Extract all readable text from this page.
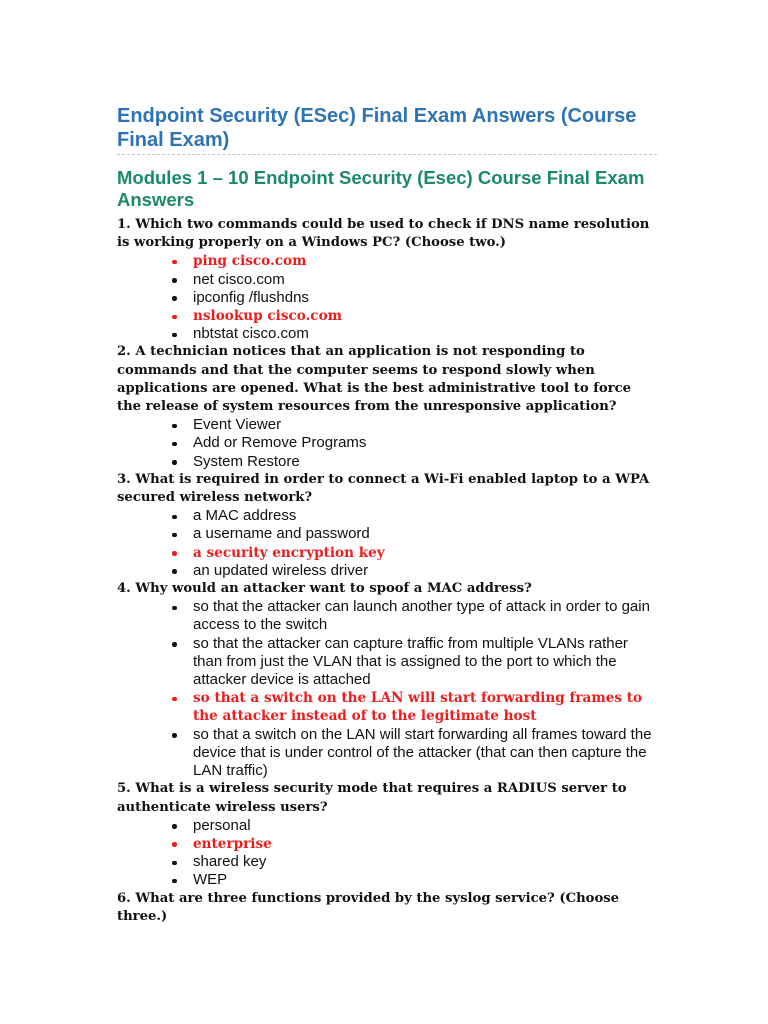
Endpoint Security (ESec) Final Exam Answers (Course Final Exam)
Modules 1 – 10 Endpoint Security (Esec) Course Final Exam Answers

1. Which two commands could be used to check if DNS name resolution is working properly on a Windows PC? (Choose two.)

ping cisco.com
net cisco.com
ipconfig /flushdns
nslookup cisco.com
nbtstat cisco.com

2. A technician notices that an application is not responding to commands and that the computer seems to respond slowly when applications are opened. What is the best administrative tool to force the release of system resources from the unresponsive application?

Event Viewer
Add or Remove Programs
System Restore

3. What is required in order to connect a Wi-Fi enabled laptop to a WPA secured wireless network?

a MAC address
a username and password
a security encryption key
an updated wireless driver

4. Why would an attacker want to spoof a MAC address?

so that the attacker can launch another type of attack in order to gain access to the switch
so that the attacker can capture traffic from multiple VLANs rather than from just the VLAN that is assigned to the port to which the attacker device is attached
so that a switch on the LAN will start forwarding frames to the attacker instead of to the legitimate host
so that a switch on the LAN will start forwarding all frames toward the device that is under control of the attacker (that can then capture the LAN traffic)

5. What is a wireless security mode that requires a RADIUS server to authenticate wireless users?

personal
enterprise
shared key
WEP

6. What are three functions provided by the syslog service? (Choose three.)
